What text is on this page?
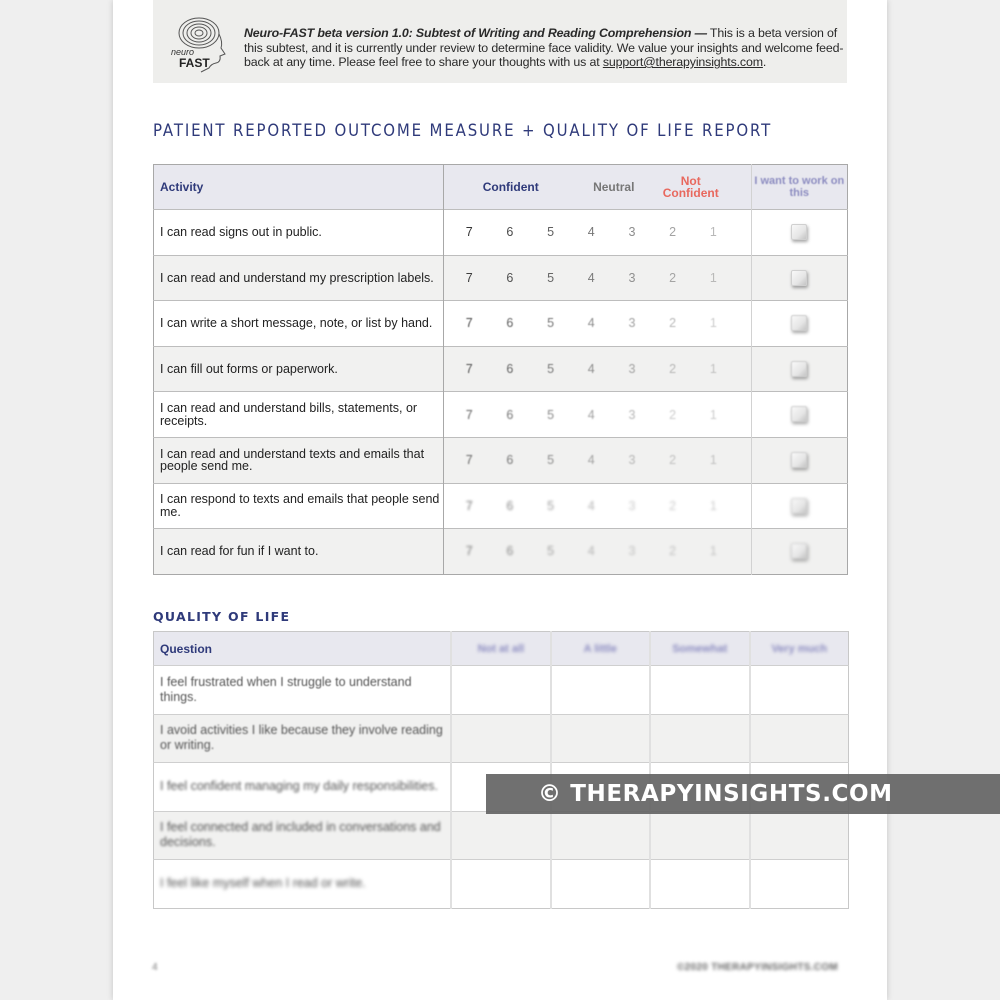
neuro
FAST
Neuro-FAST beta version 1.0: Subtest of Writing and Reading Comprehension — This is a beta version of this subtest, and it is currently under review to determine face validity. We value your insights and welcome feed-back at any time. Please feel free to share your thoughts with us at support@therapyinsights.com.
PATIENT REPORTED OUTCOME MEASURE + QUALITY OF LIFE REPORT
Activity	Confident Neutral Not Confident	I want to work on this
I can read signs out in public.	7	6	5	4	3	2	1

I can read and understand my prescription labels.	7	6	5	4	3	2	1

I can write a short message, note, or list by hand.	7	6	5	4	3	2	1

I can fill out forms or paperwork.	7	6	5	4	3	2	1

I can read and understand bills, statements, or receipts.	7	6	5	4	3	2	1

I can read and understand texts and emails that people send me.	7	6	5	4	3	2	1

I can respond to texts and emails that people send me.	7	6	5	4	3	2	1

I can read for fun if I want to.	7	6	5	4	3	2	1

QUALITY OF LIFE
Question	Not at all	A little	Somewhat	Very much
I feel frustrated when I struggle to understand things.				
I avoid activities I like because they involve reading or writing.				
I feel confident managing my daily responsibilities.				
I feel connected and included in conversations and decisions.				
I feel like myself when I read or write.				
4	©2020 THERAPYINSIGHTS.COM
© THERAPYINSIGHTS.COM
